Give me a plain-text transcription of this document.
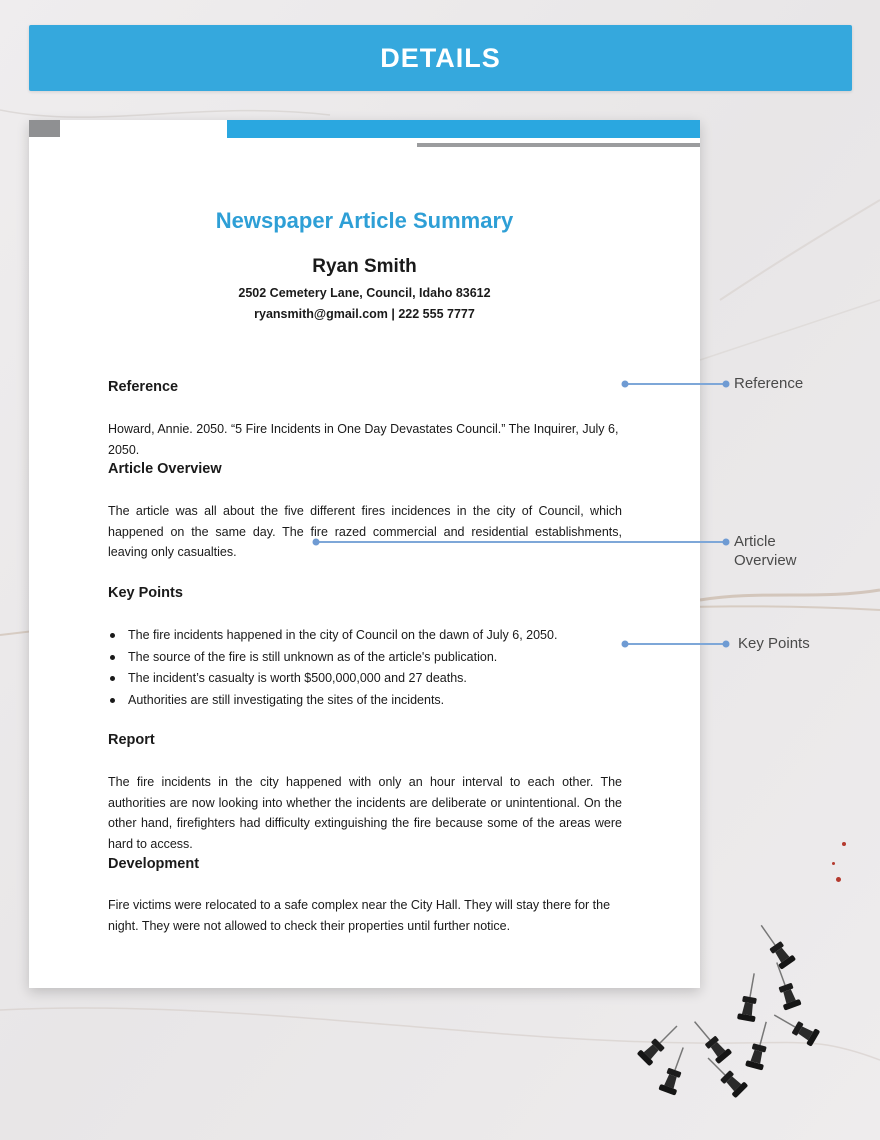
DETAILS
Newspaper Article Summary
Ryan Smith
2502 Cemetery Lane, Council, Idaho 83612
ryansmith@gmail.com | 222 555 7777
Reference
Howard, Annie. 2050. “5 Fire Incidents in One Day Devastates Council.” The Inquirer, July 6, 2050.
Article Overview
The article was all about the five different fires incidences in the city of Council, which happened on the same day. The fire razed commercial and residential establishments, leaving only casualties.
Key Points
The fire incidents happened in the city of Council on the dawn of July 6, 2050.
The source of the fire is still unknown as of the article's publication.
The incident’s casualty is worth $500,000,000 and 27 deaths.
Authorities are still investigating the sites of the incidents.
Report
The fire incidents in the city happened with only an hour interval to each other. The authorities are now looking into whether the incidents are deliberate or unintentional. On the other hand, firefighters had difficulty extinguishing the fire because some of the areas were hard to access.
Development
Fire victims were relocated to a safe complex near the City Hall. They will stay there for the night. They were not allowed to check their properties until further notice.
Reference
Article
Overview
Key Points
